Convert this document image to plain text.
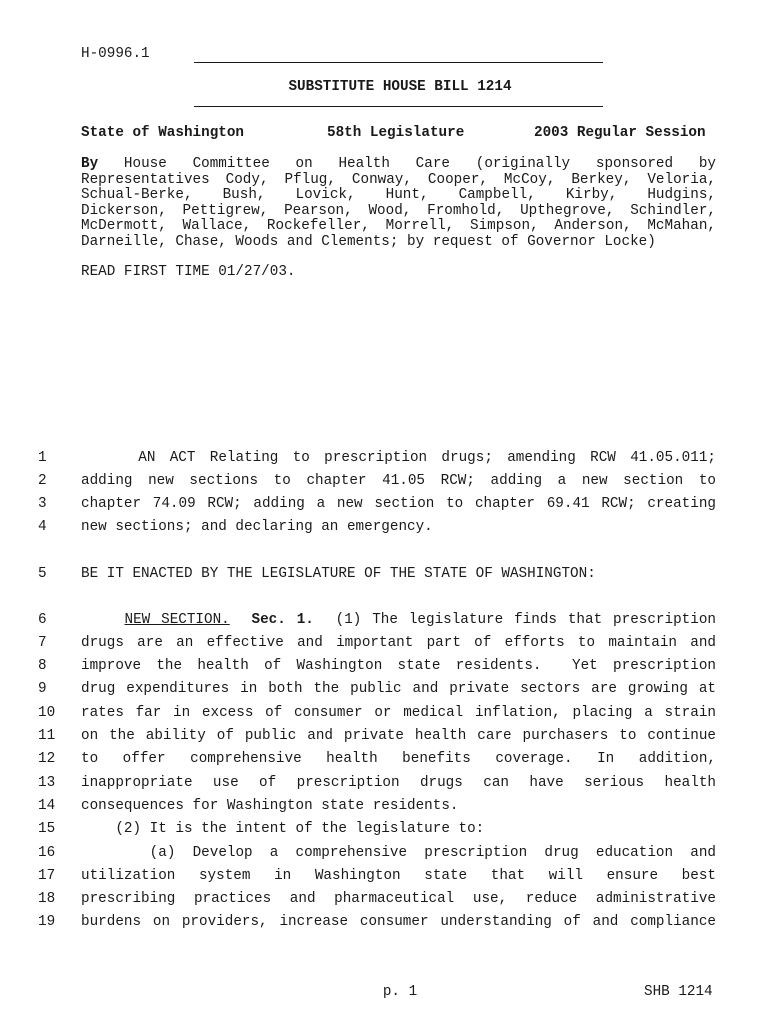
H-0996.1
SUBSTITUTE HOUSE BILL 1214
State of Washington	58th Legislature	2003 Regular Session
By House Committee on Health Care (originally sponsored by
Representatives Cody, Pflug, Conway, Cooper, McCoy, Berkey, Veloria,
Schual-Berke, Bush, Lovick, Hunt, Campbell, Kirby, Hudgins,
Dickerson, Pettigrew, Pearson, Wood, Fromhold, Upthegrove, Schindler,
McDermott, Wallace, Rockefeller, Morrell, Simpson, Anderson, McMahan,
Darneille, Chase, Woods and Clements; by request of Governor Locke)
READ FIRST TIME 01/27/03.
1	AN ACT Relating to prescription drugs; amending RCW 41.05.011;
2	adding new sections to chapter 41.05 RCW; adding a new section to
3	chapter 74.09 RCW; adding a new section to chapter 69.41 RCW; creating
4	new sections; and declaring an emergency.
5	BE IT ENACTED BY THE LEGISLATURE OF THE STATE OF WASHINGTON:
6	NEW SECTION. Sec. 1. (1) The legislature finds that prescription
7	drugs are an effective and important part of efforts to maintain and
8	improve the health of Washington state residents.  Yet prescription
9	drug expenditures in both the public and private sectors are growing at
10 rates far in excess of consumer or medical inflation, placing a strain
11 on the ability of public and private health care purchasers to continue
12 to offer comprehensive health benefits coverage. In addition,
13 inappropriate use of prescription drugs can have serious health
14 consequences for Washington state residents.
15 (2) It is the intent of the legislature to:
16 (a) Develop a comprehensive prescription drug education and
17 utilization system in Washington state that will ensure best
18 prescribing practices and pharmaceutical use, reduce administrative
19 burdens on providers, increase consumer understanding of and compliance
p. 1	SHB 1214
